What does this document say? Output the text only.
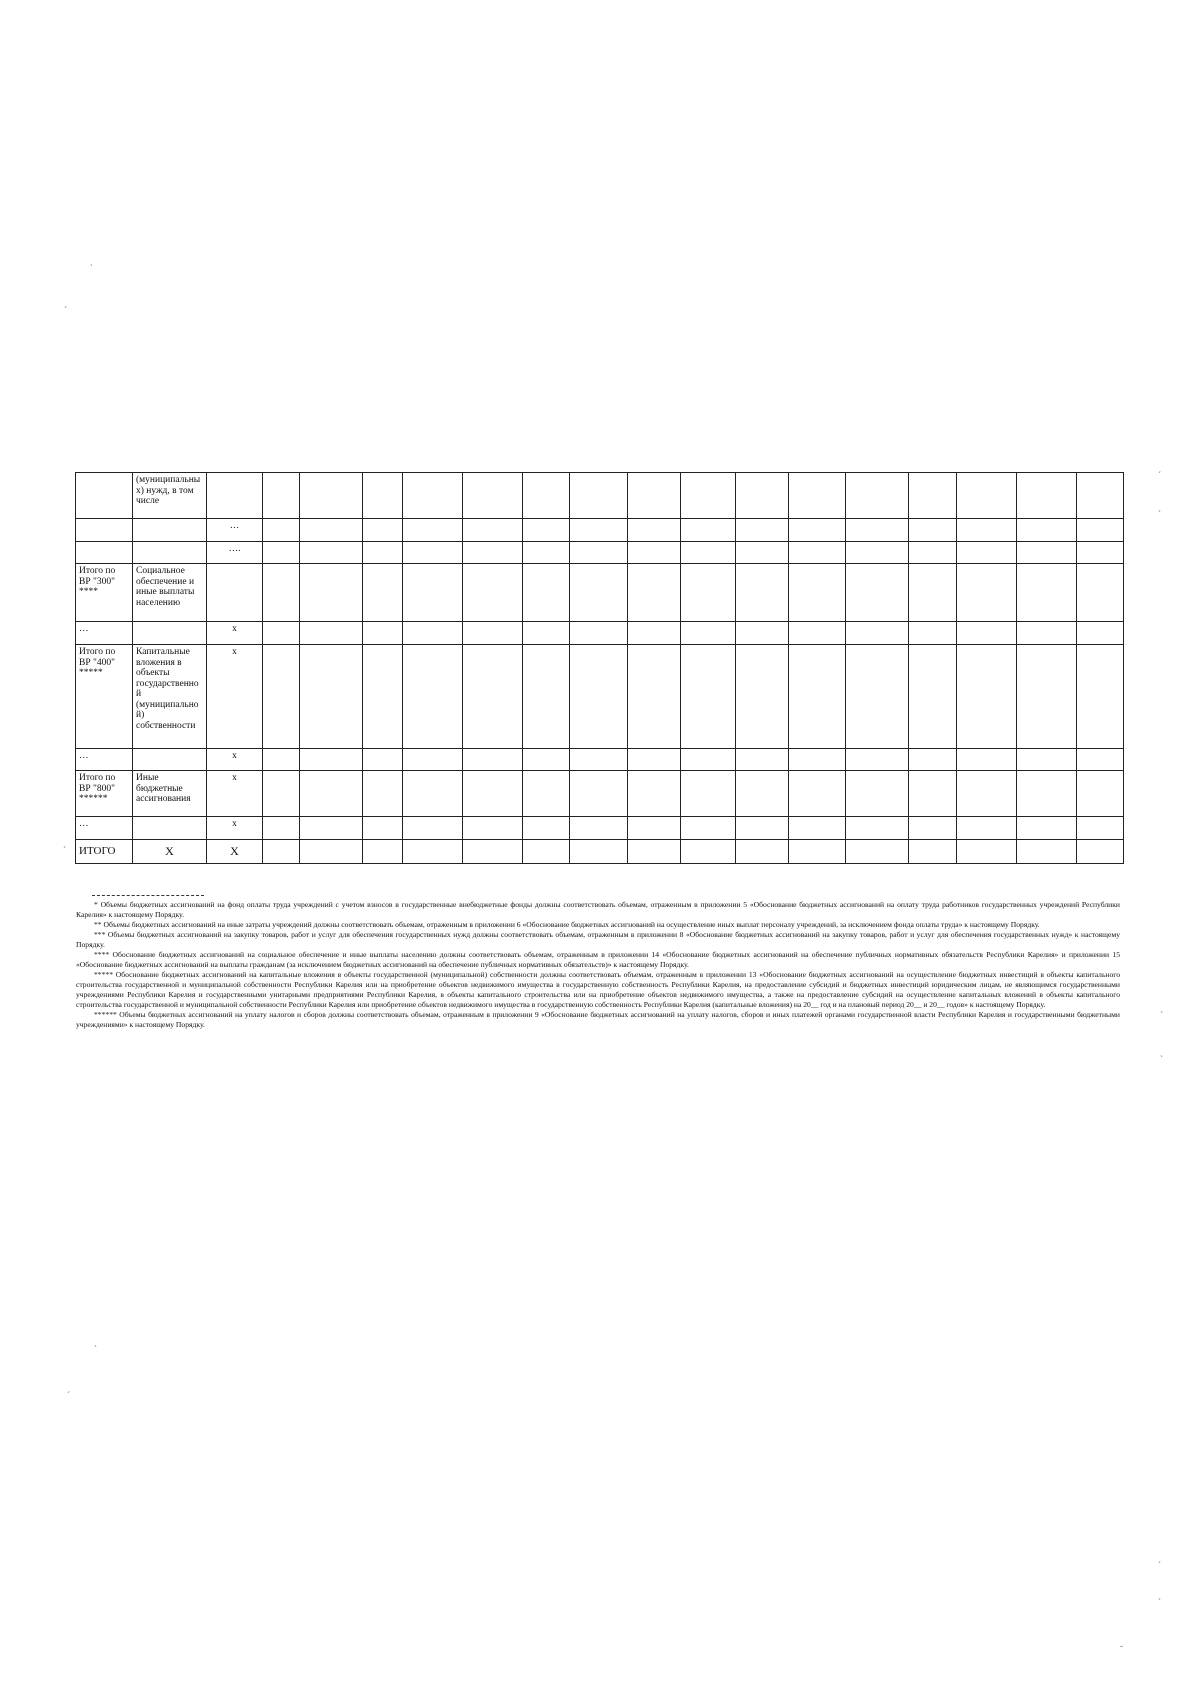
	(муниципальных) нужд, в том числе																	
		…																
		….																
Итого по ВР "300" ****	Социальное обеспечение и иные выплаты населению																	
…		x																
Итого по ВР "400" *****	Капитальные вложения в объекты государственной (муниципальной) собственности	x																
…		x																
Итого по ВР "800" ******	Иные бюджетные ассигнования	x																
…		x																
ИТОГО	Х	Х																

* Объемы бюджетных ассигнований на фонд оплаты труда учреждений с учетом взносов в государственные внебюджетные фонды должны соответствовать объемам, отраженным в приложении 5 «Обоснование бюджетных ассигнований на оплату труда работников государственных учреждений Республики Карелия» к настоящему Порядку.

** Объемы бюджетных ассигнований на иные затраты учреждений должны соответствовать объемам, отраженным в приложении 6 «Обоснование бюджетных ассигнований на осуществление иных выплат персоналу учреждений, за исключением фонда оплаты труда» к настоящему Порядку.

*** Объемы бюджетных ассигнований на закупку товаров, работ и услуг для обеспечения государственных нужд должны соответствовать объемам, отраженным в приложении 8 «Обоснование бюджетных ассигнований на закупку товаров, работ и услуг для обеспечения государственных нужд» к настоящему Порядку.

**** Обоснование бюджетных ассигнований на социальное обеспечение и иные выплаты населению должны соответствовать объемам, отраженным в приложении 14 «Обоснование бюджетных ассигнований на обеспечение публичных нормативных обязательств Республики Карелия» и приложении 15 «Обоснование бюджетных ассигнований на выплаты гражданам (за исключением бюджетных ассигнований на обеспечение публичных нормативных обязательств)» к настоящему Порядку.

***** Обоснование бюджетных ассигнований на капитальные вложения в объекты государственной (муниципальной) собственности должны соответствовать объемам, отраженным в приложении 13 «Обоснование бюджетных ассигнований на осуществление бюджетных инвестиций в объекты капитального строительства государственной и муниципальной собственности Республики Карелия или на приобретение объектов недвижимого имущества в государственную собственность Республики Карелия, на предоставление субсидий и бюджетных инвестиций юридическим лицам, не являющимся государственными учреждениями Республики Карелия и государственными унитарными предприятиями Республики Карелия, в объекты капитального строительства или на приобретение объектов недвижимого имущества, а также на предоставление субсидий на осуществление капитальных вложений в объекты капитального строительства государственной и муниципальной собственности Республики Карелия или приобретение объектов недвижимого имущества в государственную собственность Республики Карелия (капитальные вложения) на 20__ год и на плановый период 20__ и 20__ годов» к настоящему Порядку.

****** Объемы бюджетных ассигнований на уплату налогов и сборов должны соответствовать объемам, отраженным в приложении 9 «Обоснование бюджетных ассигнований на уплату налогов, сборов и иных платежей органами государственной власти Республики Карелия и государственными бюджетными учреждениями» к настоящему Порядку.

ˏ
ˊ
ˊ
ˎ
ˊ
ˊ
ˎ
ˏ
ˊ
ˊ
ˎ
˗
